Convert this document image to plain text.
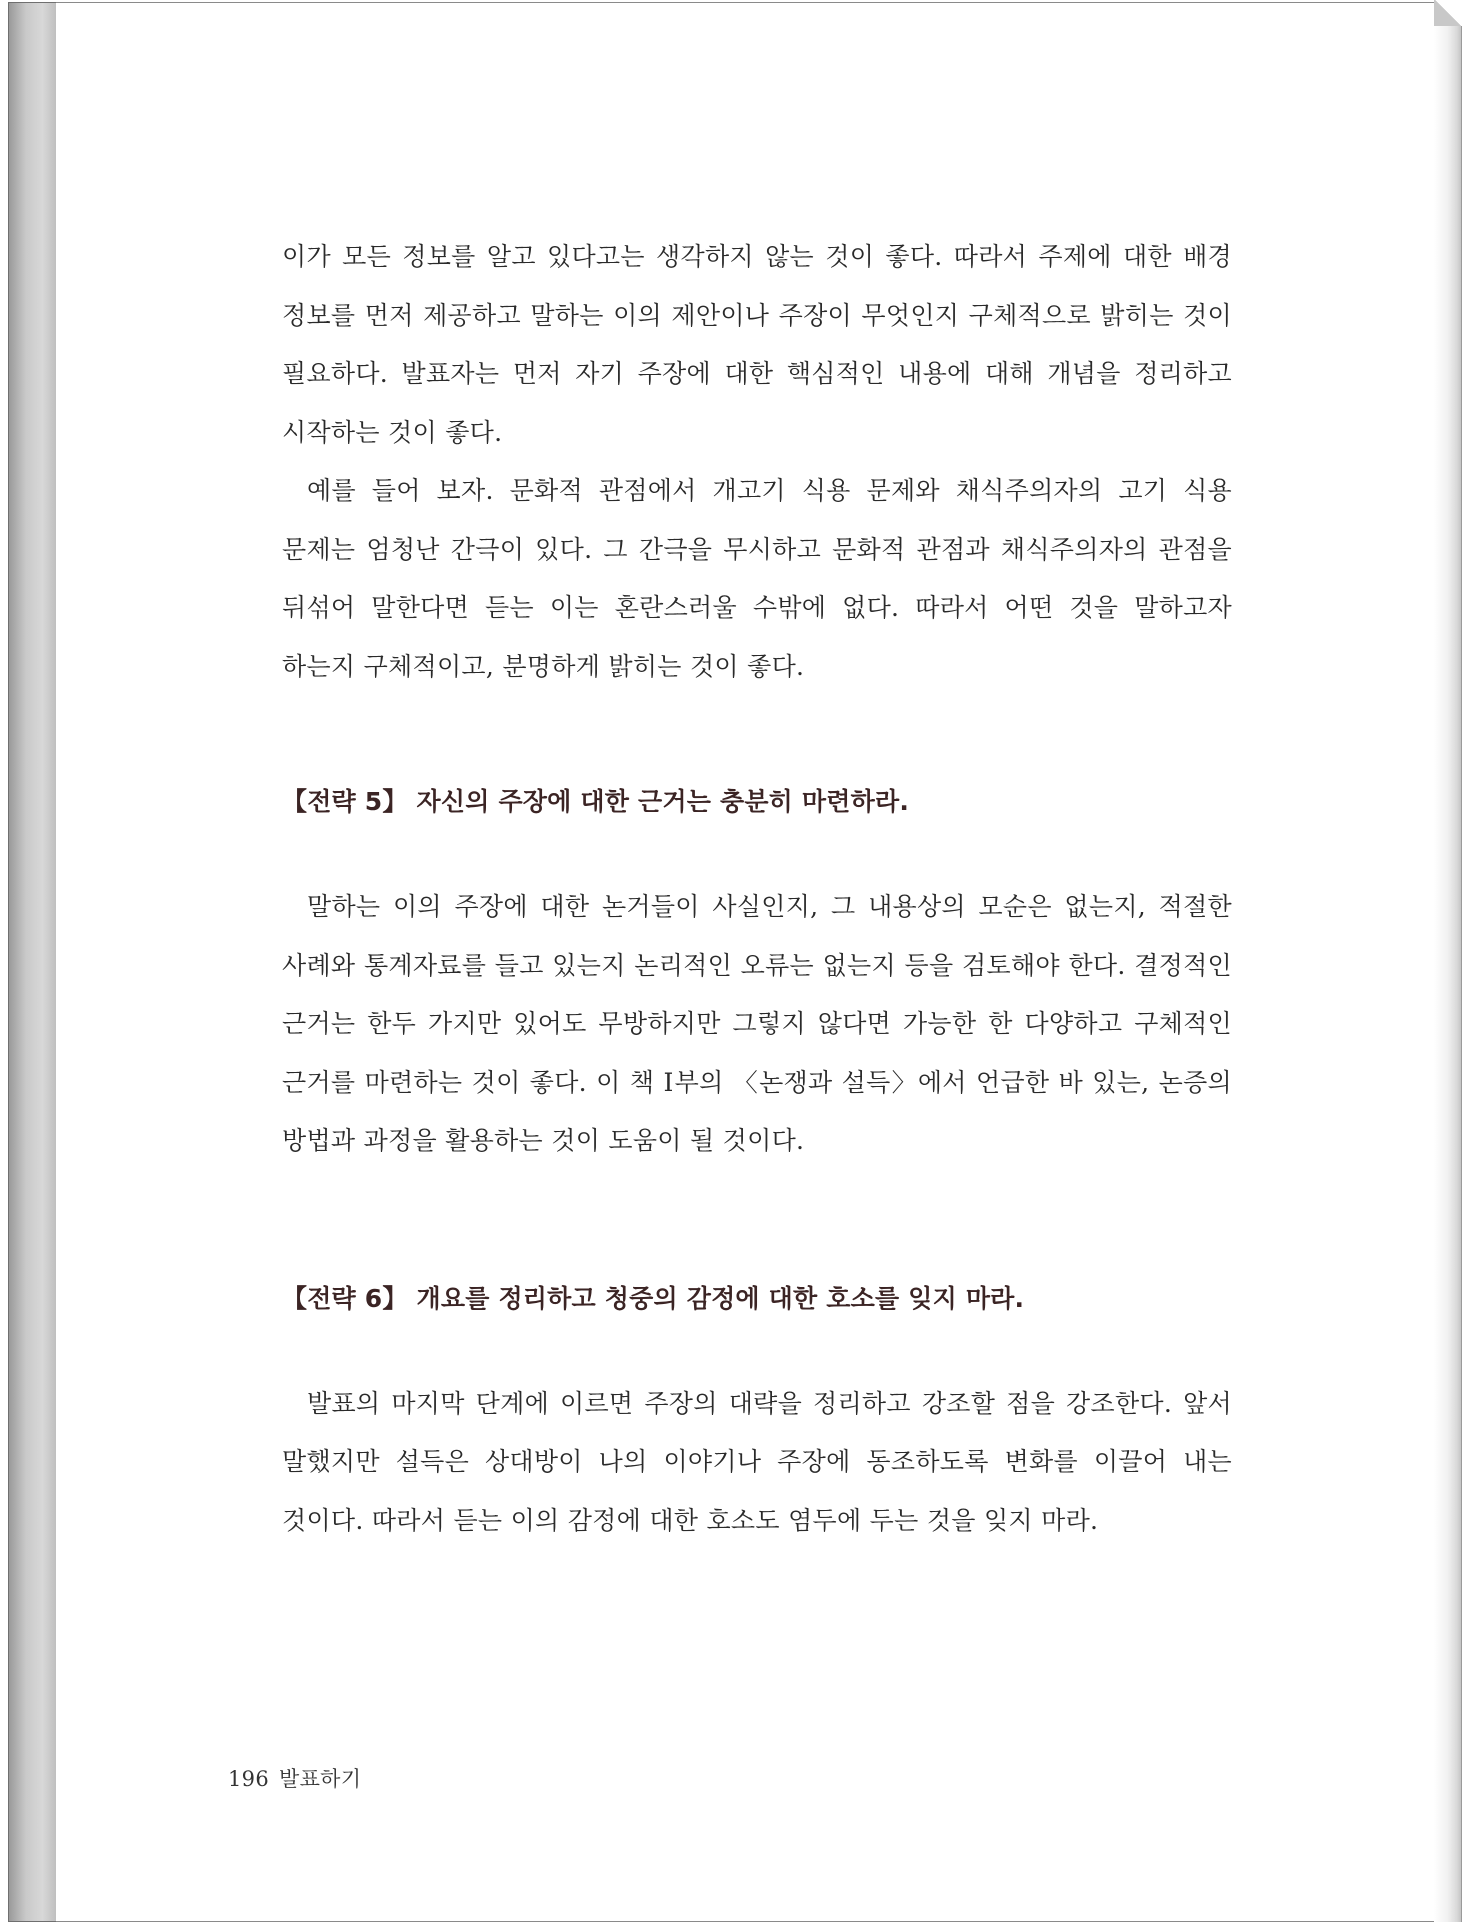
이가 모든 정보를 알고 있다고는 생각하지 않는 것이 좋다. 따라서 주제에 대한 배경 정보를 먼저 제공하고 말하는 이의 제안이나 주장이 무엇인지 구체적으로 밝히는 것이 필요하다. 발표자는 먼저 자기 주장에 대한 핵심적인 내용에 대해 개념을 정리하고 시작하는 것이 좋다.

예를 들어 보자. 문화적 관점에서 개고기 식용 문제와 채식주의자의 고기 식용 문제는 엄청난 간극이 있다. 그 간극을 무시하고 문화적 관점과 채식주의자의 관점을 뒤섞어 말한다면 듣는 이는 혼란스러울 수밖에 없다. 따라서 어떤 것을 말하고자 하는지 구체적이고, 분명하게 밝히는 것이 좋다.

【전략 5】 자신의 주장에 대한 근거는 충분히 마련하라.

말하는 이의 주장에 대한 논거들이 사실인지, 그 내용상의 모순은 없는지, 적절한 사례와 통계자료를 들고 있는지 논리적인 오류는 없는지 등을 검토해야 한다. 결정적인 근거는 한두 가지만 있어도 무방하지만 그렇지 않다면 가능한 한 다양하고 구체적인 근거를 마련하는 것이 좋다. 이 책 Ⅰ부의 〈논쟁과 설득〉에서 언급한 바 있는, 논증의 방법과 과정을 활용하는 것이 도움이 될 것이다.

【전략 6】 개요를 정리하고 청중의 감정에 대한 호소를 잊지 마라.

발표의 마지막 단계에 이르면 주장의 대략을 정리하고 강조할 점을 강조한다. 앞서 말했지만 설득은 상대방이 나의 이야기나 주장에 동조하도록 변화를 이끌어 내는 것이다. 따라서 듣는 이의 감정에 대한 호소도 염두에 두는 것을 잊지 마라.

196 발표하기
